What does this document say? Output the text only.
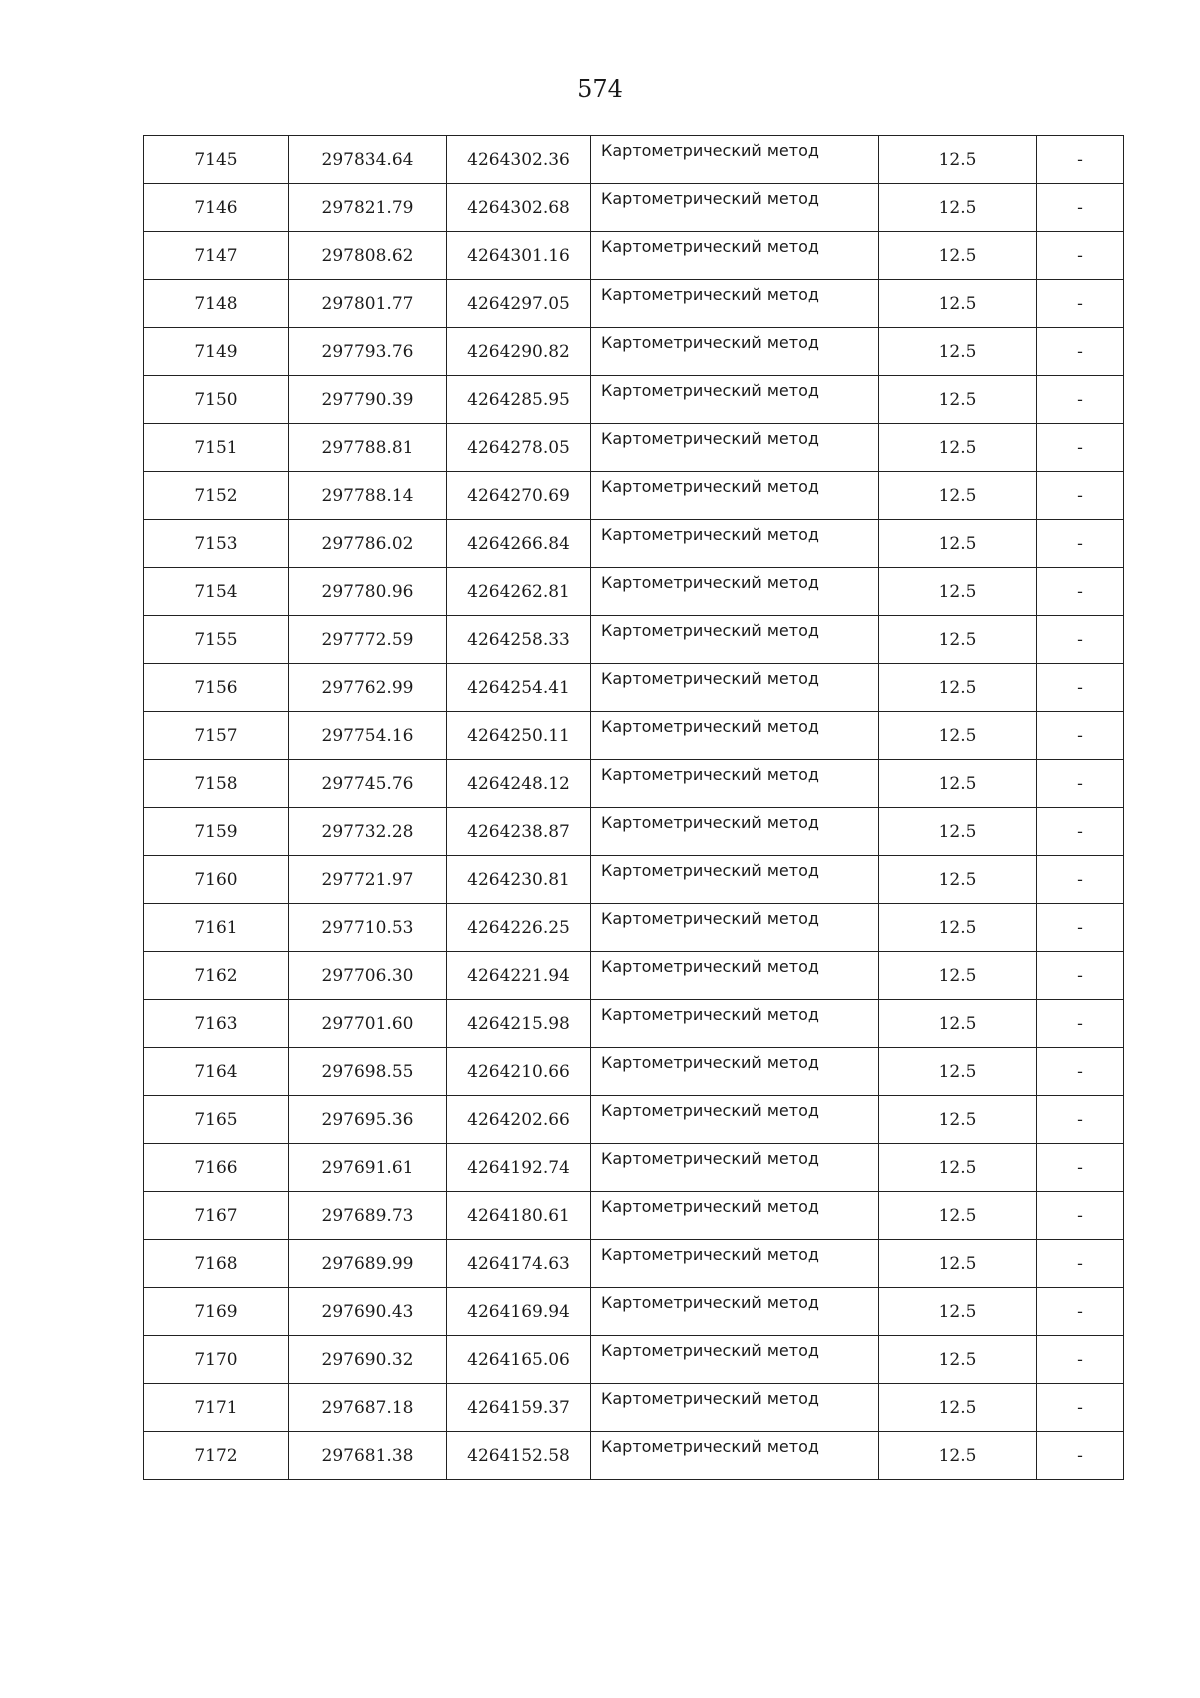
574
7145	297834.64	4264302.36	Картометрический метод	12.5	-
7146	297821.79	4264302.68	Картометрический метод	12.5	-
7147	297808.62	4264301.16	Картометрический метод	12.5	-
7148	297801.77	4264297.05	Картометрический метод	12.5	-
7149	297793.76	4264290.82	Картометрический метод	12.5	-
7150	297790.39	4264285.95	Картометрический метод	12.5	-
7151	297788.81	4264278.05	Картометрический метод	12.5	-
7152	297788.14	4264270.69	Картометрический метод	12.5	-
7153	297786.02	4264266.84	Картометрический метод	12.5	-
7154	297780.96	4264262.81	Картометрический метод	12.5	-
7155	297772.59	4264258.33	Картометрический метод	12.5	-
7156	297762.99	4264254.41	Картометрический метод	12.5	-
7157	297754.16	4264250.11	Картометрический метод	12.5	-
7158	297745.76	4264248.12	Картометрический метод	12.5	-
7159	297732.28	4264238.87	Картометрический метод	12.5	-
7160	297721.97	4264230.81	Картометрический метод	12.5	-
7161	297710.53	4264226.25	Картометрический метод	12.5	-
7162	297706.30	4264221.94	Картометрический метод	12.5	-
7163	297701.60	4264215.98	Картометрический метод	12.5	-
7164	297698.55	4264210.66	Картометрический метод	12.5	-
7165	297695.36	4264202.66	Картометрический метод	12.5	-
7166	297691.61	4264192.74	Картометрический метод	12.5	-
7167	297689.73	4264180.61	Картометрический метод	12.5	-
7168	297689.99	4264174.63	Картометрический метод	12.5	-
7169	297690.43	4264169.94	Картометрический метод	12.5	-
7170	297690.32	4264165.06	Картометрический метод	12.5	-
7171	297687.18	4264159.37	Картометрический метод	12.5	-
7172	297681.38	4264152.58	Картометрический метод	12.5	-
